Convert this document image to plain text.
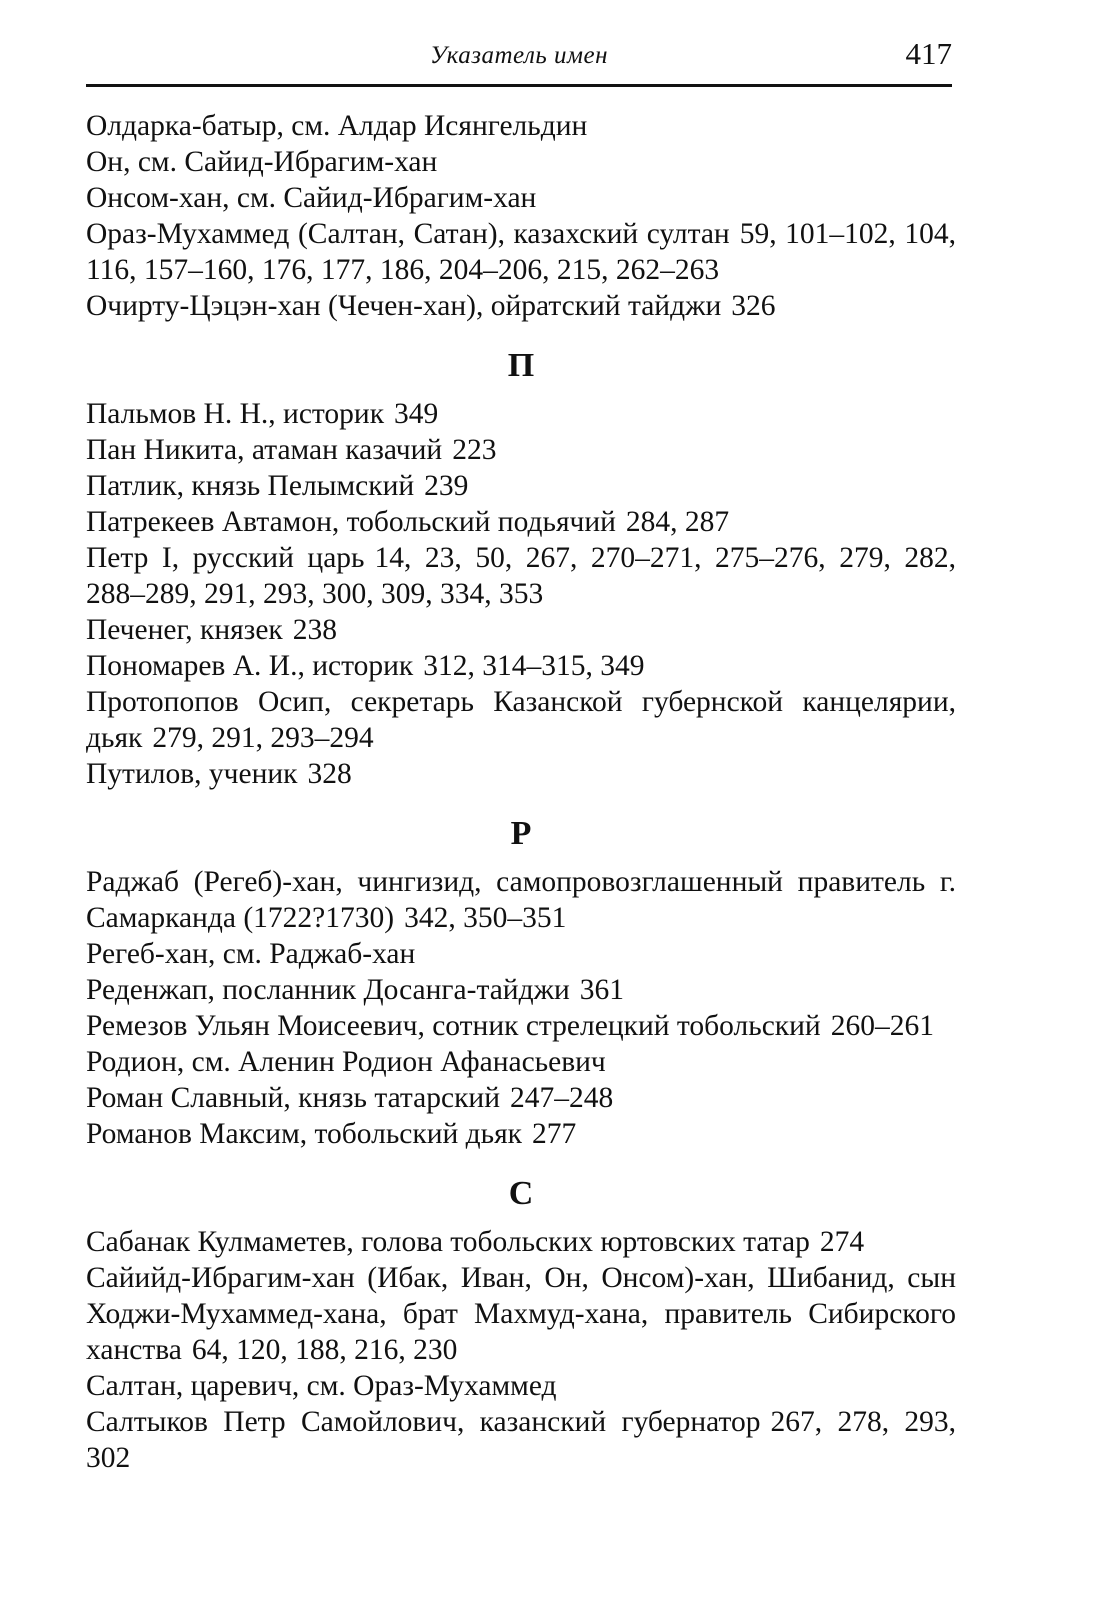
Указатель имен	417

Олдарка-батыр, см. Алдар Исянгельдин

Он, см. Сайид-Ибрагим-хан

Онсом-хан, см. Сайид-Ибрагим-хан

Ораз-Мухаммед (Салтан, Сатан), казахский султан 59, 101–102, 104, 116, 157–160, 176, 177, 186, 204–206, 215, 262–263

Очирту-Цэцэн-хан (Чечен-хан), ойратский тайджи 326

П

Пальмов Н. Н., историк 349

Пан Никита, атаман казачий 223

Патлик, князь Пелымский 239

Патрекеев Автамон, тобольский подьячий 284, 287

Петр I, русский царь 14, 23, 50, 267, 270–271, 275–276, 279, 282, 288–289, 291, 293, 300, 309, 334, 353

Печенег, князек 238

Пономарев А. И., историк 312, 314–315, 349

Протопопов Осип, секретарь Казанской губернской канцелярии, дьяк 279, 291, 293–294

Путилов, ученик 328

Р

Раджаб (Регеб)-хан, чингизид, самопровозглашенный правитель г. Самарканда (1722?1730) 342, 350–351

Регеб-хан, см. Раджаб-хан

Реденжап, посланник Досанга-тайджи 361

Ремезов Ульян Моисеевич, сотник стрелецкий тобольский 260–261

Родион, см. Аленин Родион Афанасьевич

Роман Славный, князь татарский 247–248

Романов Максим, тобольский дьяк 277

С

Сабанак Кулмаметев, голова тобольских юртовских татар 274

Сайийд-Ибрагим-хан (Ибак, Иван, Он, Онсом)-хан, Шибанид, сын Ходжи-Мухаммед-хана, брат Махмуд-хана, правитель Сибирского ханства 64, 120, 188, 216, 230

Салтан, царевич, см. Ораз-Мухаммед

Салтыков Петр Самойлович, казанский губернатор 267, 278, 293, 302
